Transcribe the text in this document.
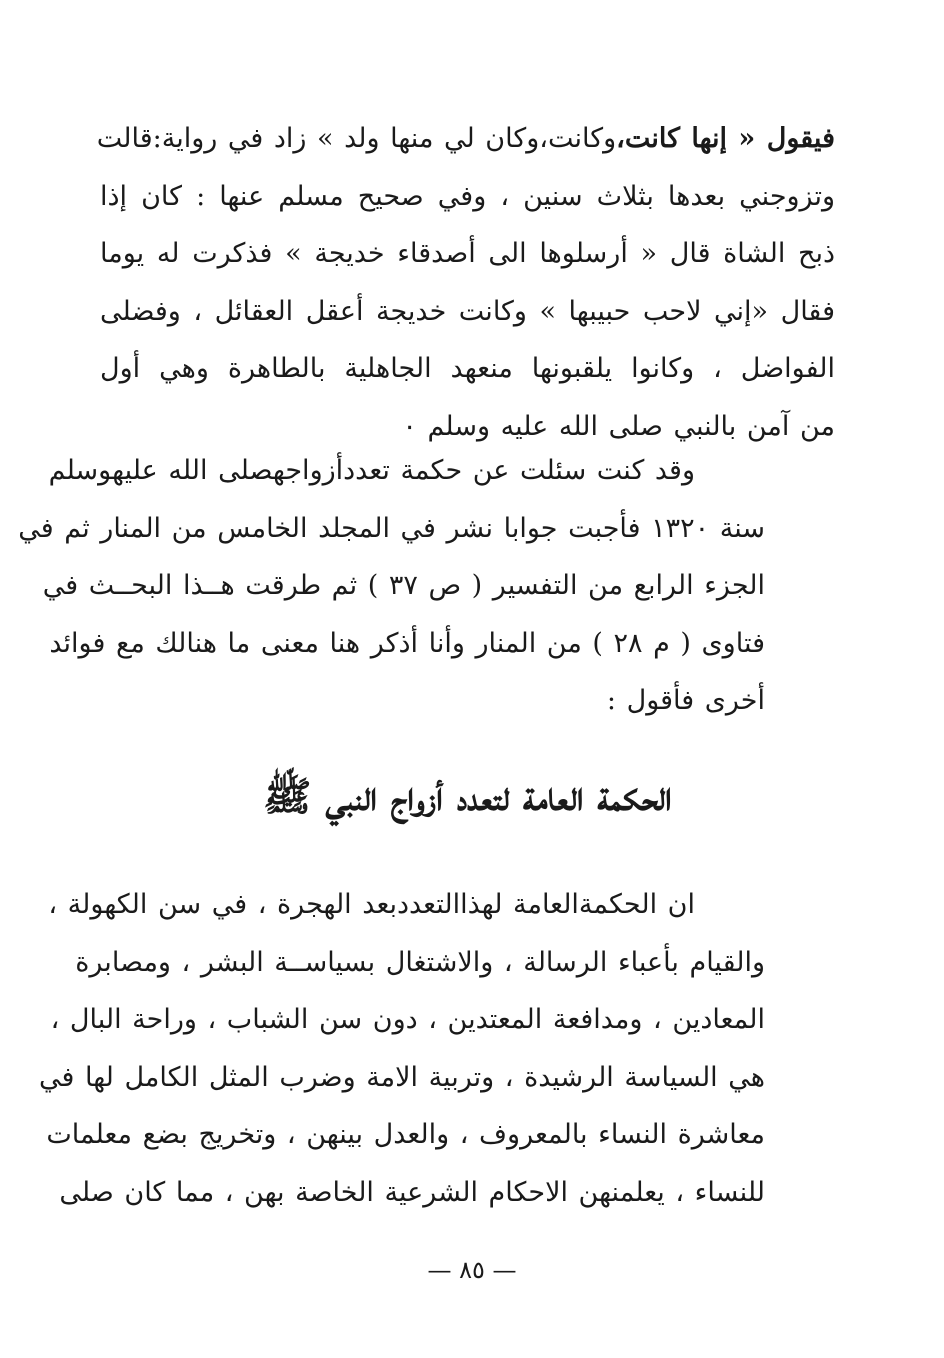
فيقول « إنها كانت،وكانت،وكان لي منها ولد » زاد في رواية:قالت
وتزوجني بعدها بثلاث سنين ، وفي صحيح مسلم عنها : كان إذا
ذبح الشاة قال « أرسلوها الى أصدقاء خديجة » فذكرت له يوما
فقال «إني لاحب حبيبها » وكانت خديجة أعقل العقائل ، وفضلى
الفواضل ، وكانوا يلقبونها منعهد الجاهلية بالطاهرة وهي أول
من آمن بالنبي صلى الله عليه وسلم ٠
وقد كنت سئلت عن حكمة تعددأزواجهصلى الله عليهوسلم
سنة ١٣٢٠ فأجبت جوابا نشر في المجلد الخامس من المنار ثم في
الجزء الرابع من التفسير ( ص ٣٧ ) ثم طرقت هــذا البحــث في
فتاوى ( م ٢٨ ) من المنار وأنا أذكر هنا معنى ما هنالك مع فوائد
أخرى فأقول :
الحكمة العامة لتعدد أزواج النبي ﷺ
ان الحكمةالعامة لهذاالتعددبعد الهجرة ، في سن الكهولة ،
والقيام بأعباء الرسالة ، والاشتغال بسياســة البشر ، ومصابرة
المعادين ، ومدافعة المعتدين ، دون سن الشباب ، وراحة البال ،
هي السياسة الرشيدة ، وتربية الامة وضرب المثل الكامل لها في
معاشرة النساء بالمعروف ، والعدل بينهن ، وتخريج بضع معلمات
للنساء ، يعلمنهن الاحكام الشرعية الخاصة بهن ، مما كان صلى
— ٨٥ —
